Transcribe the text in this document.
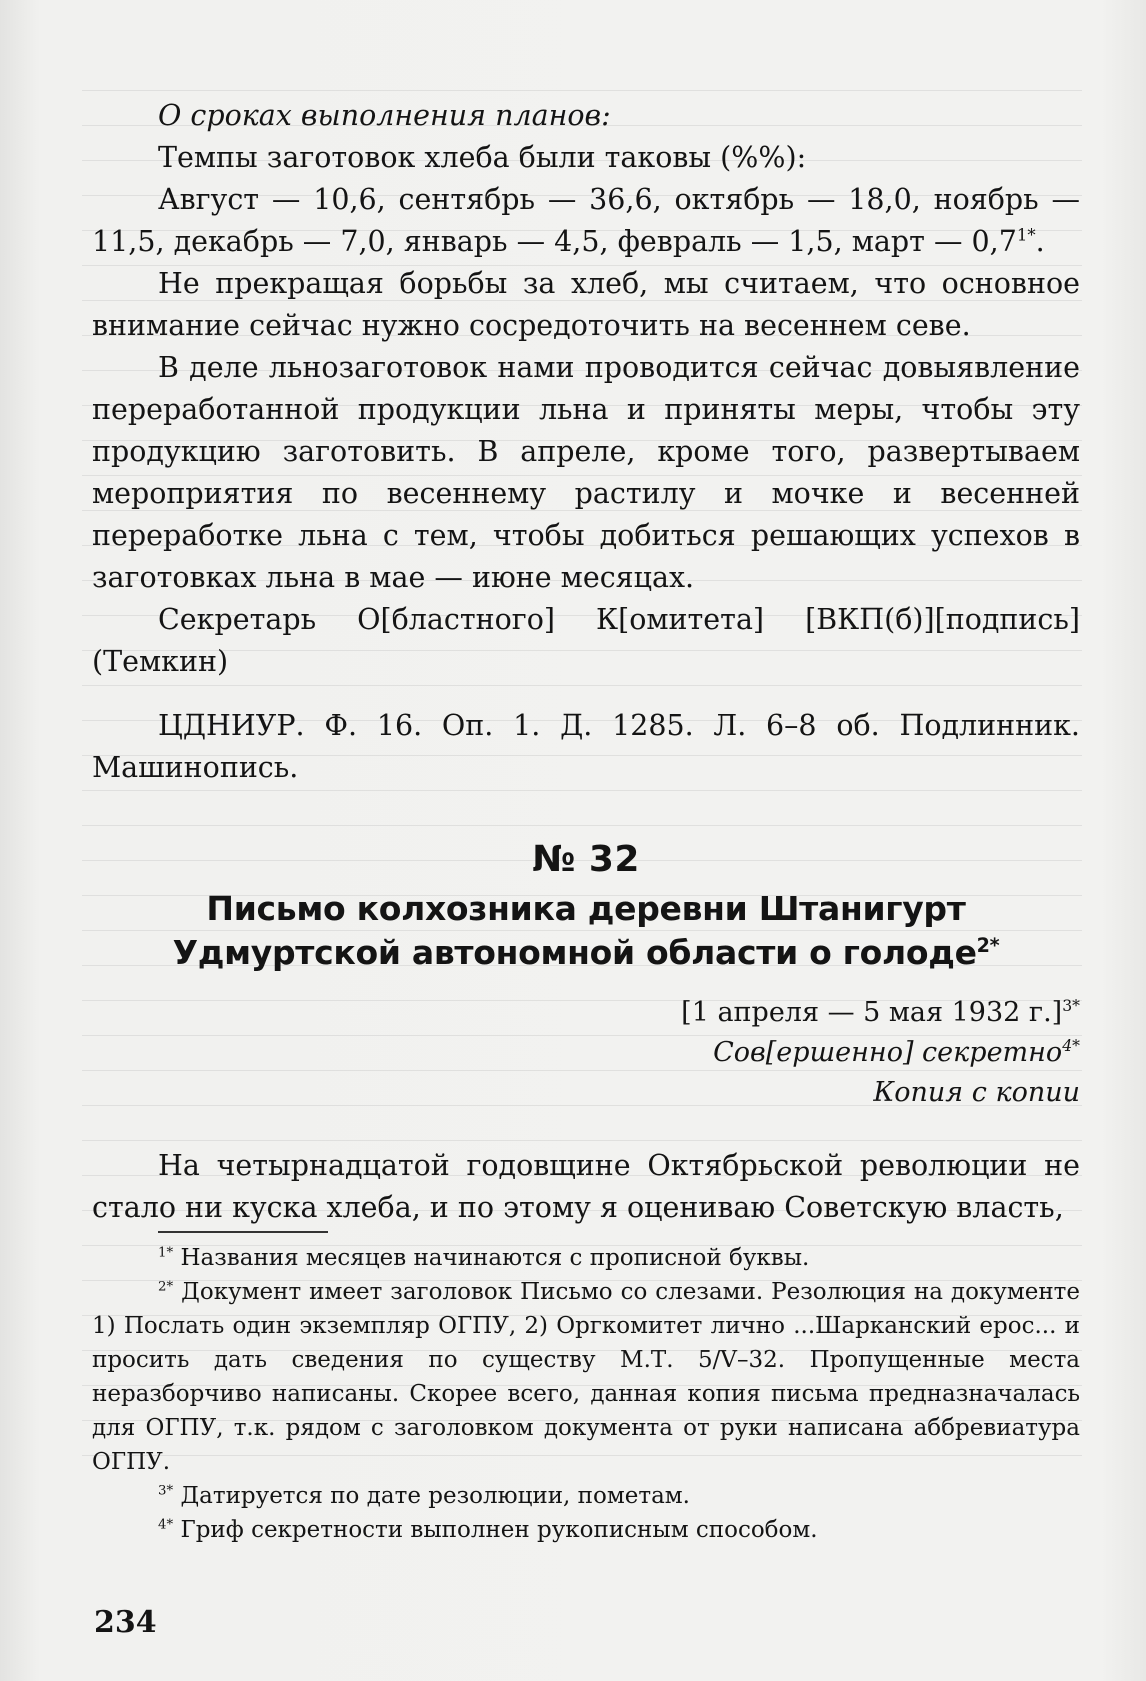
О сроках выполнения планов:

Темпы заготовок хлеба были таковы (%%):

Август — 10,6, сентябрь — 36,6, октябрь — 18,0, ноябрь — 11,5, декабрь — 7,0, январь — 4,5, февраль — 1,5, март — $0,7^{1*}$.

Не прекращая борьбы за хлеб, мы считаем, что основное внимание сейчас нужно сосредоточить на весеннем севе.

В деле льнозаготовок нами проводится сейчас довыявление переработанной продукции льна и приняты меры, чтобы эту продукцию заготовить. В апреле, кроме того, развертываем мероприятия по весеннему растилу и мочке и весенней переработке льна с тем, чтобы добиться решающих успехов в заготовках льна в мае — июне месяцах.

Секретарь О[бластного] К[омитета] [ВКП(б)][подпись] (Темкин)

ЦДНИУР. Ф. 16. Оп. 1. Д. 1285. Л. 6–8 об. Подлинник. Машинопись.

№ 32
Письмо колхозника деревни Штанигурт Удмуртской автономной области о голоде$^{2*}$
[1 апреля — 5 мая 1932 г.]$^{3*}$
Сов[ершенно] секретно$^{4*}$
Копия с копии

На четырнадцатой годовщине Октябрьской революции не стало ни куска хлеба, и по этому я оцениваю Советскую власть,

$^{1*}$ Названия месяцев начинаются с прописной буквы.

$^{2*}$ Документ имеет заголовок Письмо со слезами. Резолюция на документе 1) Послать один экземпляр ОГПУ, 2) Оргкомитет лично ...Шарканский ерос... и просить дать сведения по существу М.Т. 5/V–32. Пропущенные места неразборчиво написаны. Скорее всего, данная копия письма предназначалась для ОГПУ, т.к. рядом с заголовком документа от руки написана аббревиатура ОГПУ.

$^{3*}$ Датируется по дате резолюции, пометам.

$^{4*}$ Гриф секретности выполнен рукописным способом.

234
